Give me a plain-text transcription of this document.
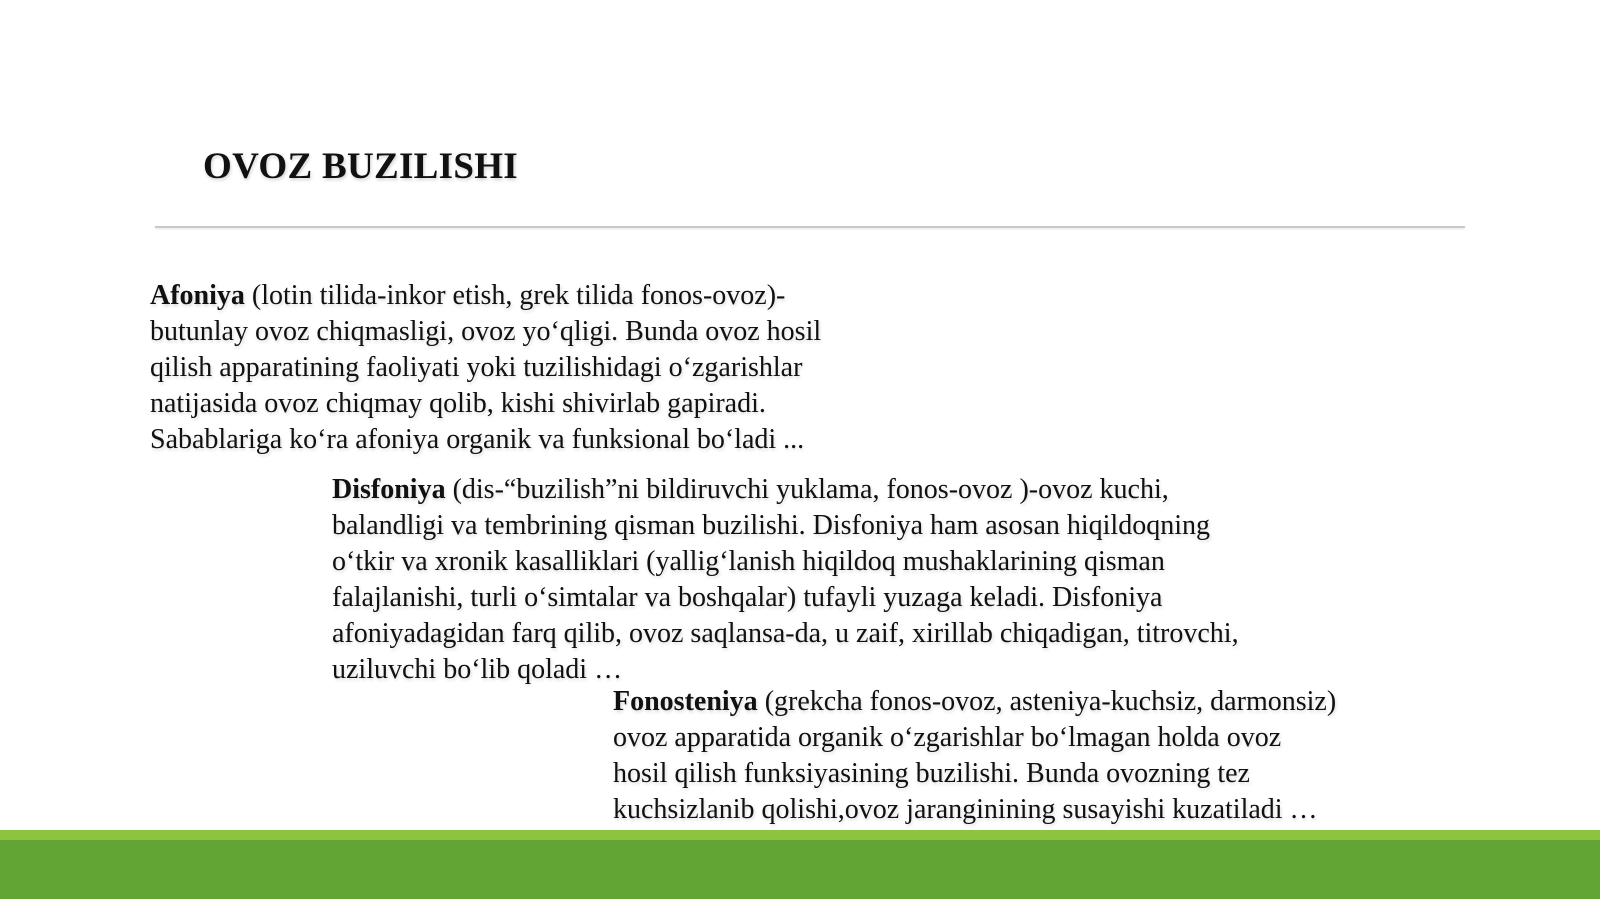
OVOZ BUZILISHI
Afoniya (lotin tilida-inkor etish, grek tilida fonos-ovoz)-
butunlay ovoz chiqmasligi, ovoz yo‘qligi. Bunda ovoz hosil
qilish apparatining faoliyati yoki tuzilishidagi o‘zgarishlar
natijasida ovoz chiqmay qolib, kishi shivirlab gapiradi.
Sabablariga ko‘ra afoniya organik va funksional bo‘ladi ...
Disfoniya (dis-“buzilish”ni bildiruvchi yuklama, fonos-ovoz )-ovoz kuchi,
balandligi va tembrining qisman buzilishi. Disfoniya ham asosan hiqildoqning
o‘tkir va xronik kasalliklari (yallig‘lanish hiqildoq mushaklarining qisman
falajlanishi, turli o‘simtalar va boshqalar) tufayli yuzaga keladi. Disfoniya
afoniyadagidan farq qilib, ovoz saqlansa-da, u zaif, xirillab chiqadigan, titrovchi,
uziluvchi bo‘lib qoladi …
Fonosteniya (grekcha fonos-ovoz, asteniya-kuchsiz, darmonsiz)
ovoz apparatida organik o‘zgarishlar bo‘lmagan holda ovoz
hosil qilish funksiyasining buzilishi. Bunda ovozning tez
kuchsizlanib qolishi,ovoz jaranginining susayishi kuzatiladi …
